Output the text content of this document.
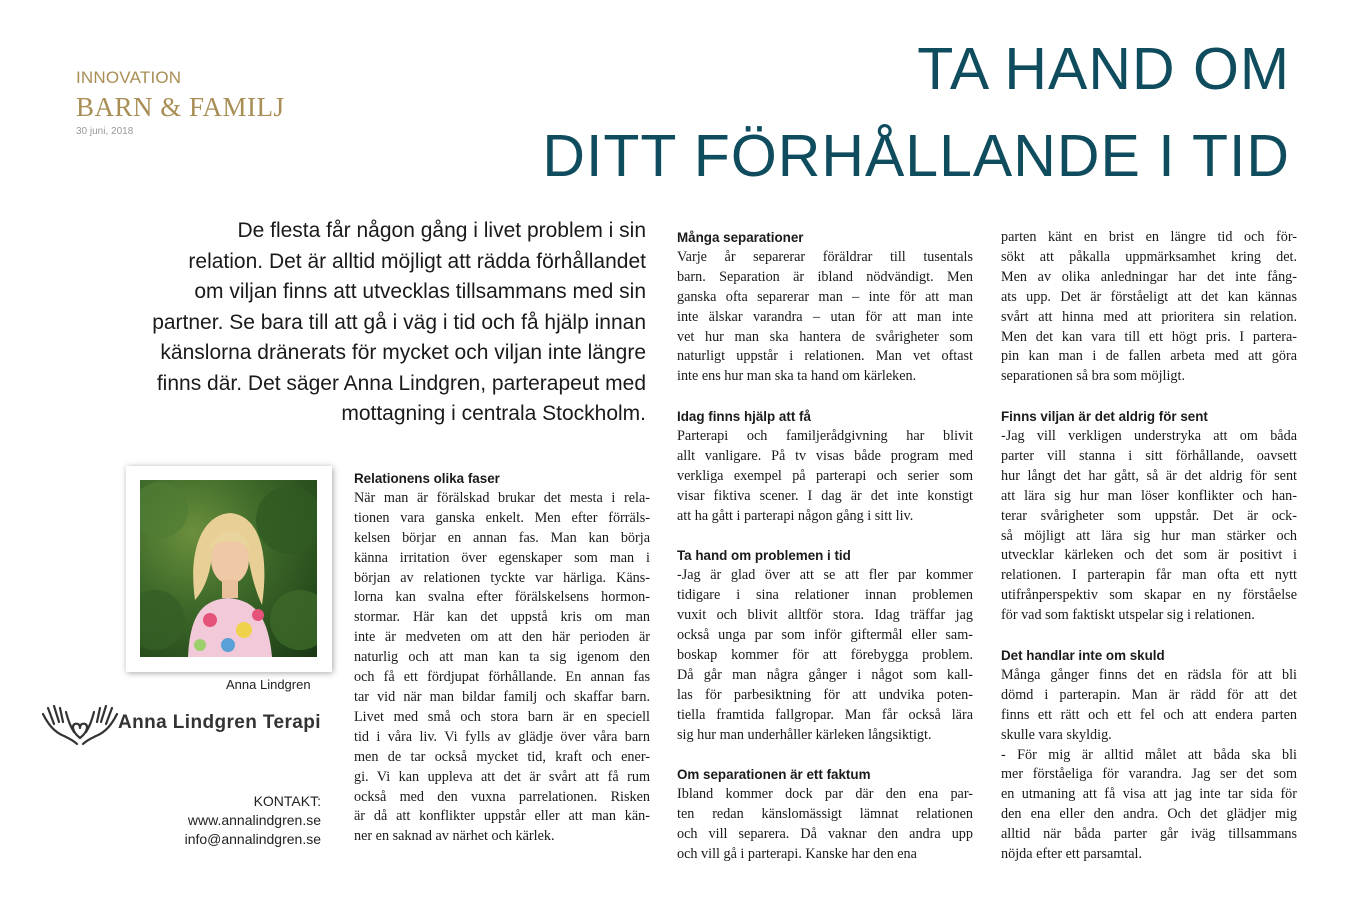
INNOVATION
BARN & FAMILJ
30 juni, 2018
TA HAND OM
DITT FÖRHÅLLANDE I TID
De flesta får någon gång i livet problem i sin
relation. Det är alltid möjligt att rädda förhållandet
om viljan finns att utvecklas tillsammans med sin
partner. Se bara till att gå i väg i tid och få hjälp innan
känslorna dränerats för mycket och viljan inte längre
finns där. Det säger Anna Lindgren, parterapeut med
mottagning i centrala Stockholm.
Anna Lindgren
Anna Lindgren Terapi
KONTAKT:
www.annalindgren.se
info@annalindgren.se
Relationens olika faser
När man är förälskad brukar det mesta i rela-
tionen vara ganska enkelt. Men efter förräls-
kelsen börjar en annan fas. Man kan börja
känna irritation över egenskaper som man i
början av relationen tyckte var härliga. Käns-
lorna kan svalna efter förälskelsens hormon-
stormar. Här kan det uppstå kris om man
inte är medveten om att den här perioden är
naturlig och att man kan ta sig igenom den
och få ett fördjupat förhållande. En annan fas
tar vid när man bildar familj och skaffar barn.
Livet med små och stora barn är en speciell
tid i våra liv. Vi fylls av glädje över våra barn
men de tar också mycket tid, kraft och ener-
gi. Vi kan uppleva att det är svårt att få rum
också med den vuxna parrelationen. Risken
är då att konflikter uppstår eller att man kän-
ner en saknad av närhet och kärlek.
Många separationer
Varje år separerar föräldrar till tusentals
barn. Separation är ibland nödvändigt. Men
ganska ofta separerar man – inte för att man
inte älskar varandra – utan för att man inte
vet hur man ska hantera de svårigheter som
naturligt uppstår i relationen. Man vet oftast
inte ens hur man ska ta hand om kärleken.
Idag finns hjälp att få
Parterapi och familjerådgivning har blivit
allt vanligare. På tv visas både program med
verkliga exempel på parterapi och serier som
visar fiktiva scener. I dag är det inte konstigt
att ha gått i parterapi någon gång i sitt liv.
Ta hand om problemen i tid
-Jag är glad över att se att fler par kommer
tidigare i sina relationer innan problemen
vuxit och blivit alltför stora. Idag träffar jag
också unga par som inför giftermål eller sam-
boskap kommer för att förebygga problem.
Då går man några gånger i något som kall-
las för parbesiktning för att undvika poten-
tiella framtida fallgropar. Man får också lära
sig hur man underhåller kärleken långsiktigt.
Om separationen är ett faktum
Ibland kommer dock par där den ena par-
ten redan känslomässigt lämnat relationen
och vill separera. Då vaknar den andra upp
och vill gå i parterapi. Kanske har den ena
parten känt en brist en längre tid och för-
sökt att påkalla uppmärksamhet kring det.
Men av olika anledningar har det inte fång-
ats upp. Det är förståeligt att det kan kännas
svårt att hinna med att prioritera sin relation.
Men det kan vara till ett högt pris. I partera-
pin kan man i de fallen arbeta med att göra
separationen så bra som möjligt.
Finns viljan är det aldrig för sent
-Jag vill verkligen understryka att om båda
parter vill stanna i sitt förhållande, oavsett
hur långt det har gått, så är det aldrig för sent
att lära sig hur man löser konflikter och han-
terar svårigheter som uppstår. Det är ock-
så möjligt att lära sig hur man stärker och
utvecklar kärleken och det som är positivt i
relationen. I parterapin får man ofta ett nytt
utifrånperspektiv som skapar en ny förståelse
för vad som faktiskt utspelar sig i relationen.
Det handlar inte om skuld
Många gånger finns det en rädsla för att bli
dömd i parterapin. Man är rädd för att det
finns ett rätt och ett fel och att endera parten
skulle vara skyldig.
- För mig är alltid målet att båda ska bli
mer förståeliga för varandra. Jag ser det som
en utmaning att få visa att jag inte tar sida för
den ena eller den andra. Och det glädjer mig
alltid när båda parter går iväg tillsammans
nöjda efter ett parsamtal.
